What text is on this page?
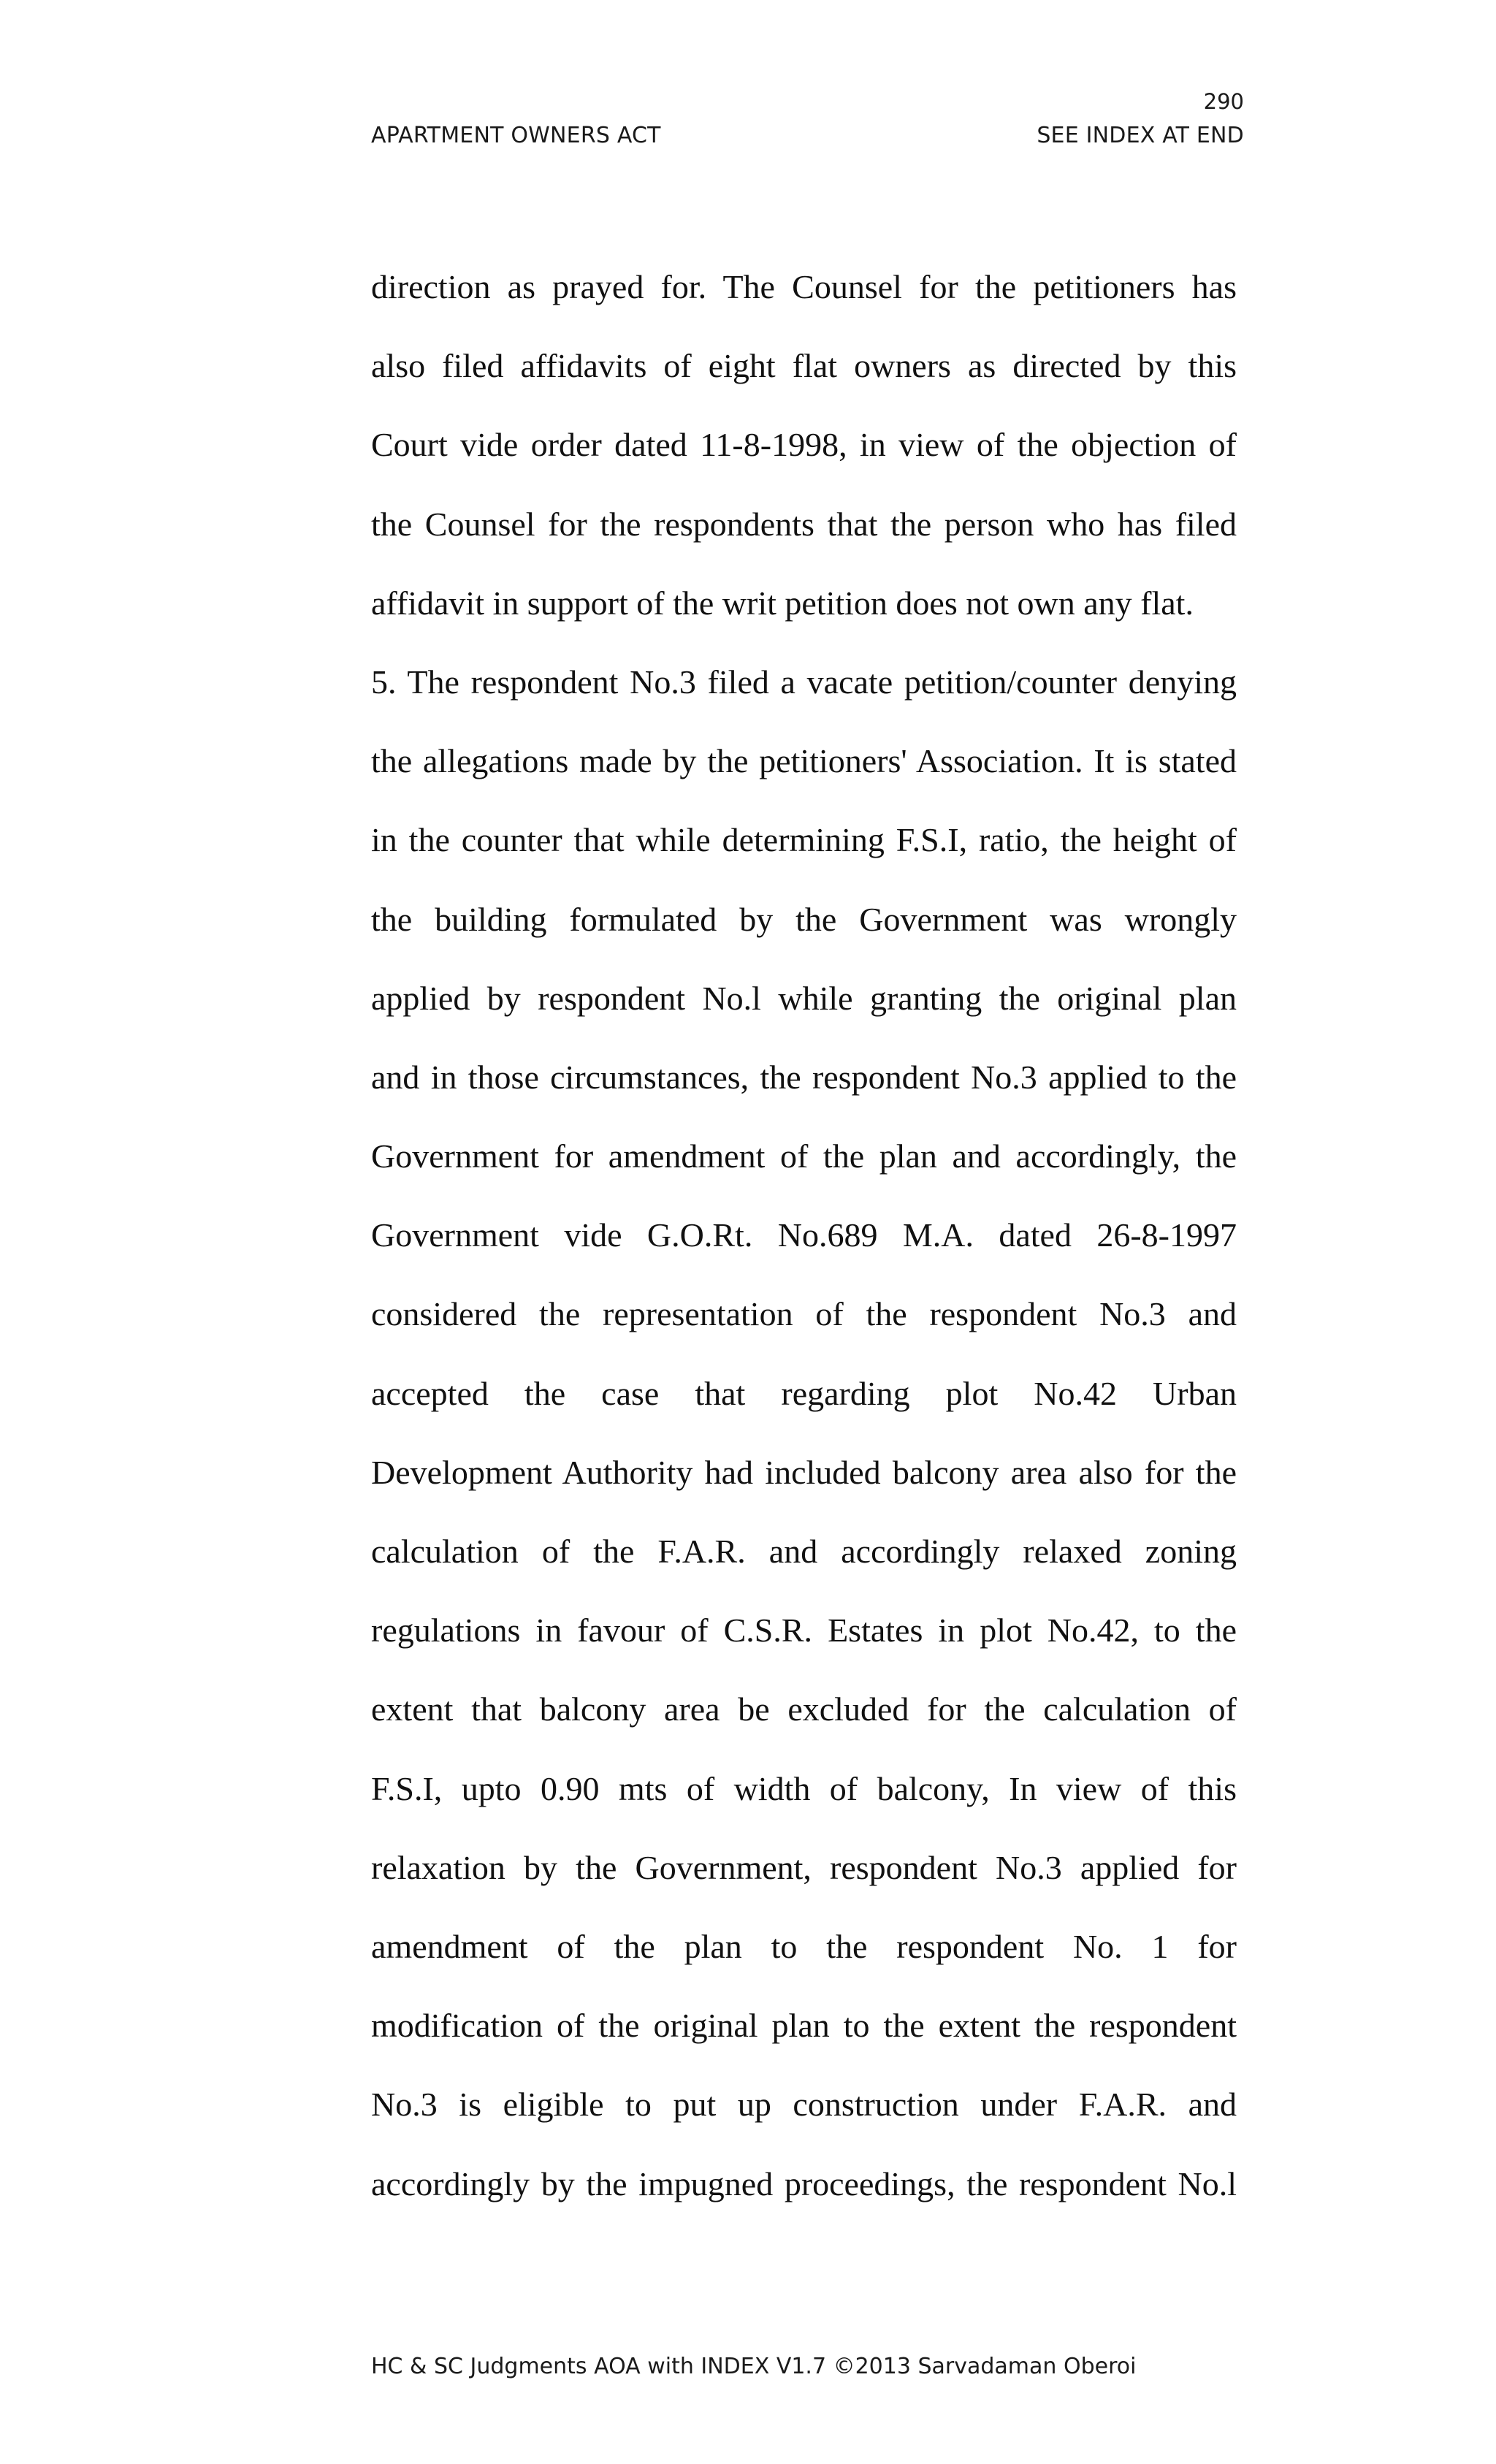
290
APARTMENT OWNERS ACT	SEE INDEX AT END
direction as prayed for. The Counsel for the petitioners has
also filed affidavits of eight flat owners as directed by this
Court vide order dated 11-8-1998, in view of the objection of
the Counsel for the respondents that the person who has filed
affidavit in support of the writ petition does not own any flat.
5. The respondent No.3 filed a vacate petition/counter denying
the allegations made by the petitioners' Association. It is stated
in the counter that while determining F.S.I, ratio, the height of
the building formulated by the Government was wrongly
applied by respondent No.l while granting the original plan
and in those circumstances, the respondent No.3 applied to the
Government for amendment of the plan and accordingly, the
Government vide G.O.Rt. No.689 M.A. dated 26-8-1997
considered the representation of the respondent No.3 and
accepted the case that regarding plot No.42 Urban
Development Authority had included balcony area also for the
calculation of the F.A.R. and accordingly relaxed zoning
regulations in favour of C.S.R. Estates in plot No.42, to the
extent that balcony area be excluded for the calculation of
F.S.I, upto 0.90 mts of width of balcony, In view of this
relaxation by the Government, respondent No.3 applied for
amendment of the plan to the respondent No. 1 for
modification of the original plan to the extent the respondent
No.3 is eligible to put up construction under F.A.R. and
accordingly by the impugned proceedings, the respondent No.l
HC & SC Judgments AOA with INDEX V1.7 ©2013 Sarvadaman Oberoi
